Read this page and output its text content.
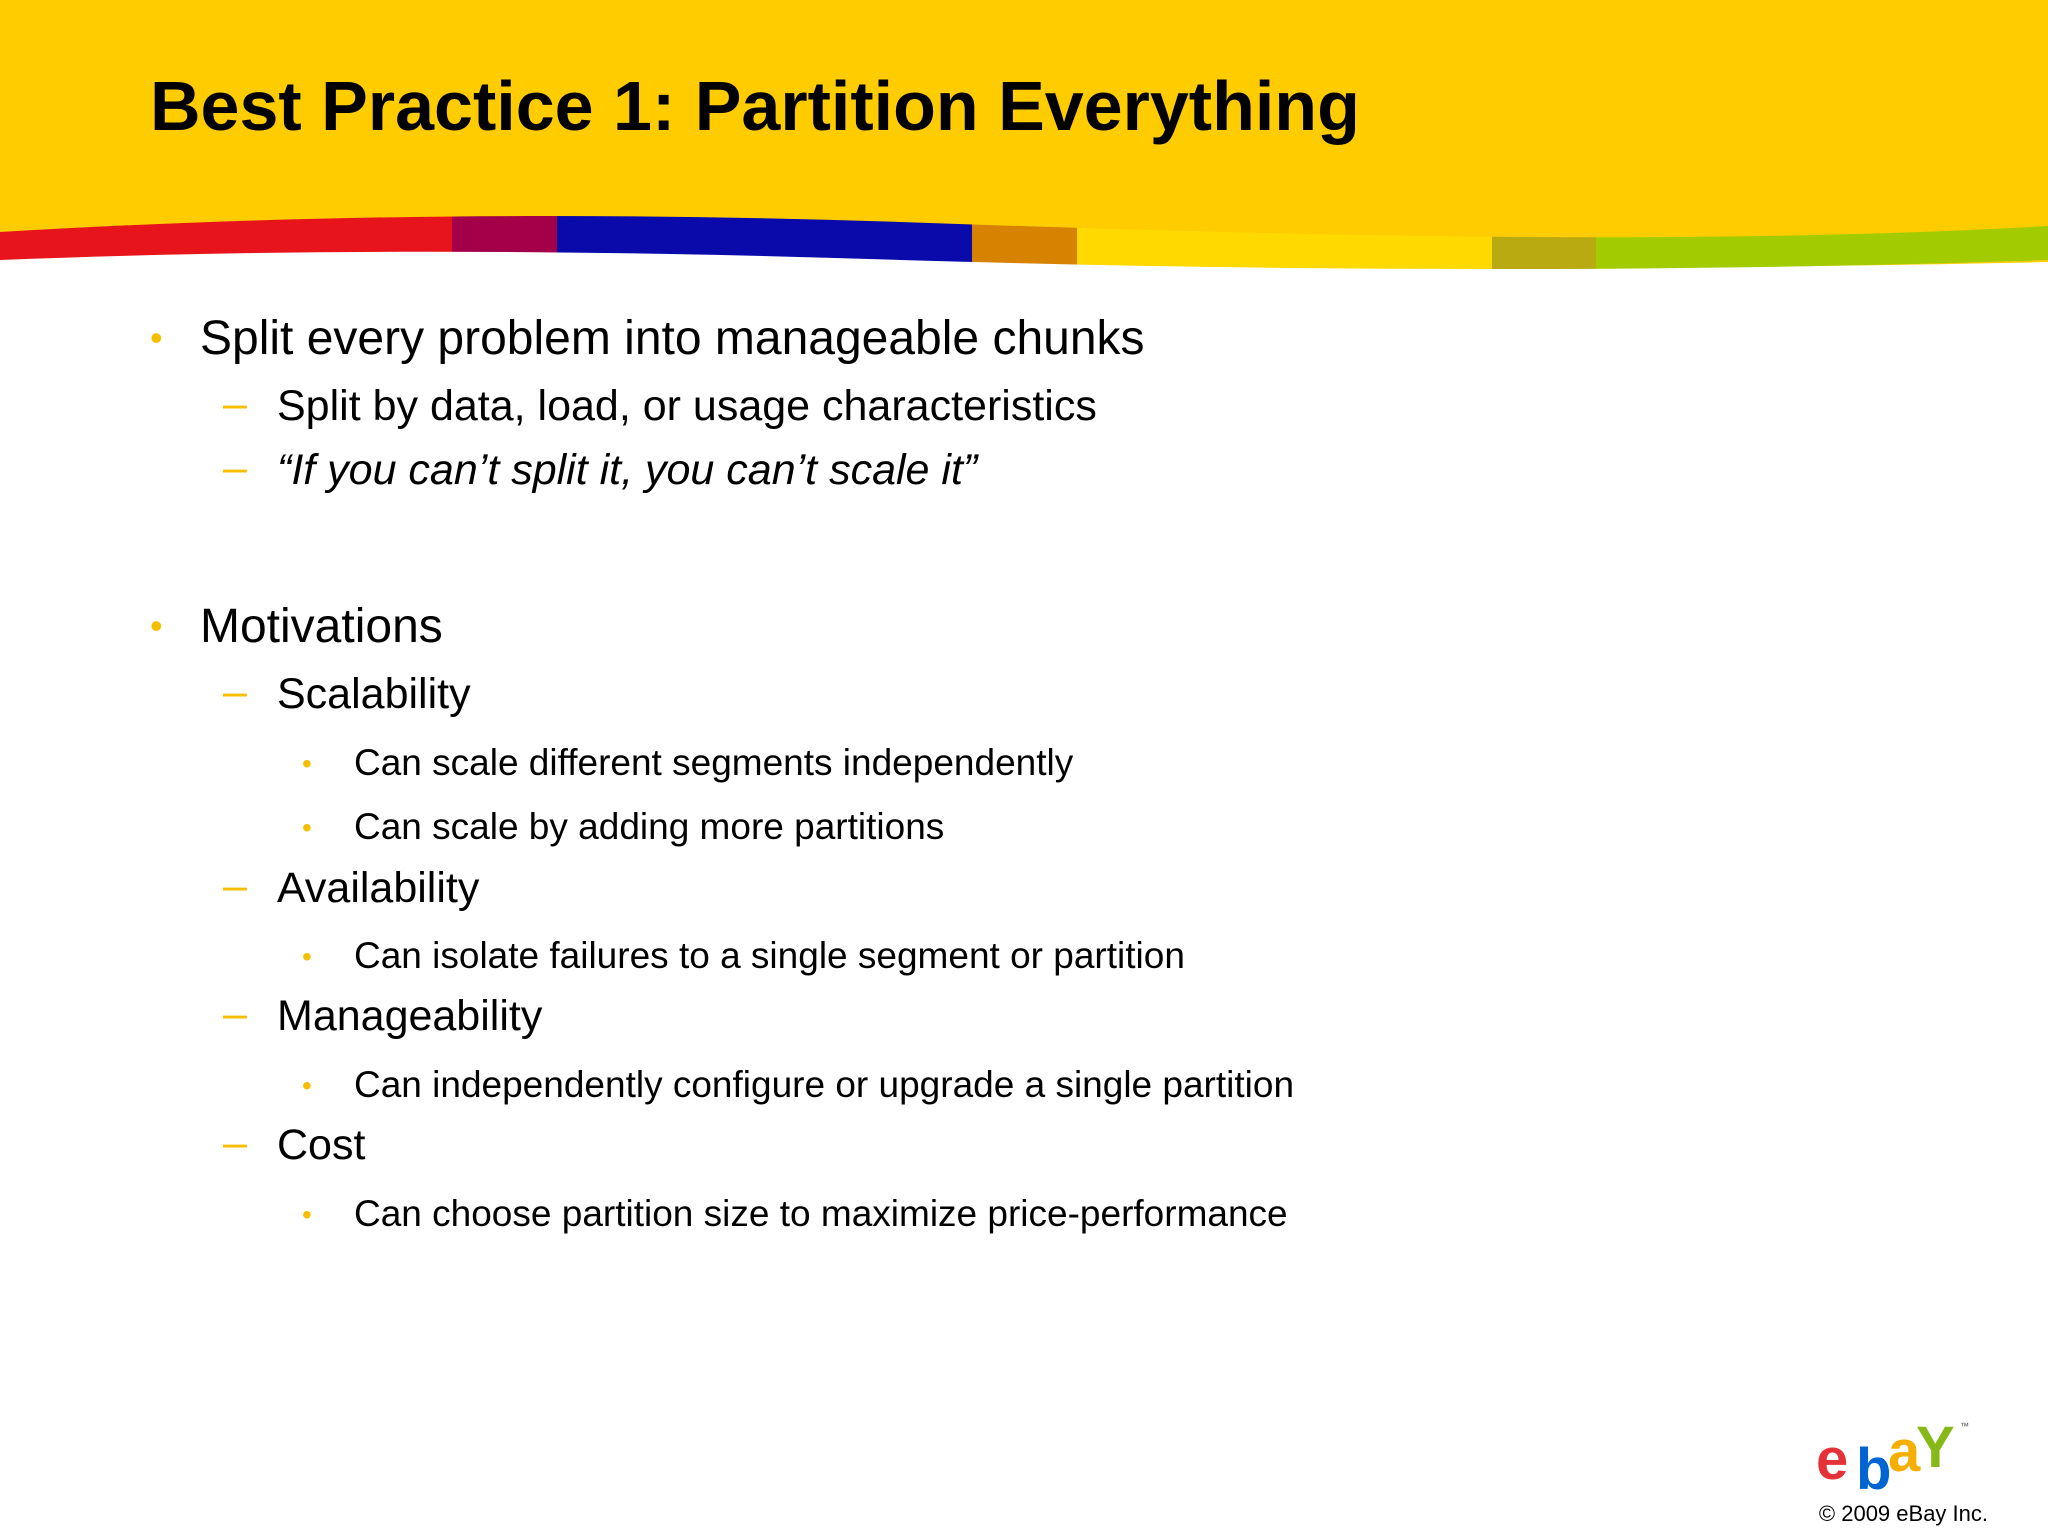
Best Practice 1: Partition Everything
• Split every problem into manageable chunks
– Split by data, load, or usage characteristics
– “If you can’t split it, you can’t scale it”
• Motivations
– Scalability
• Can scale different segments independently
• Can scale by adding more partitions
– Availability
• Can isolate failures to a single segment or partition
– Manageability
• Can independently configure or upgrade a single partition
– Cost
• Can choose partition size to maximize price-performance
e b
a
Y ™
© 2009 eBay Inc.
